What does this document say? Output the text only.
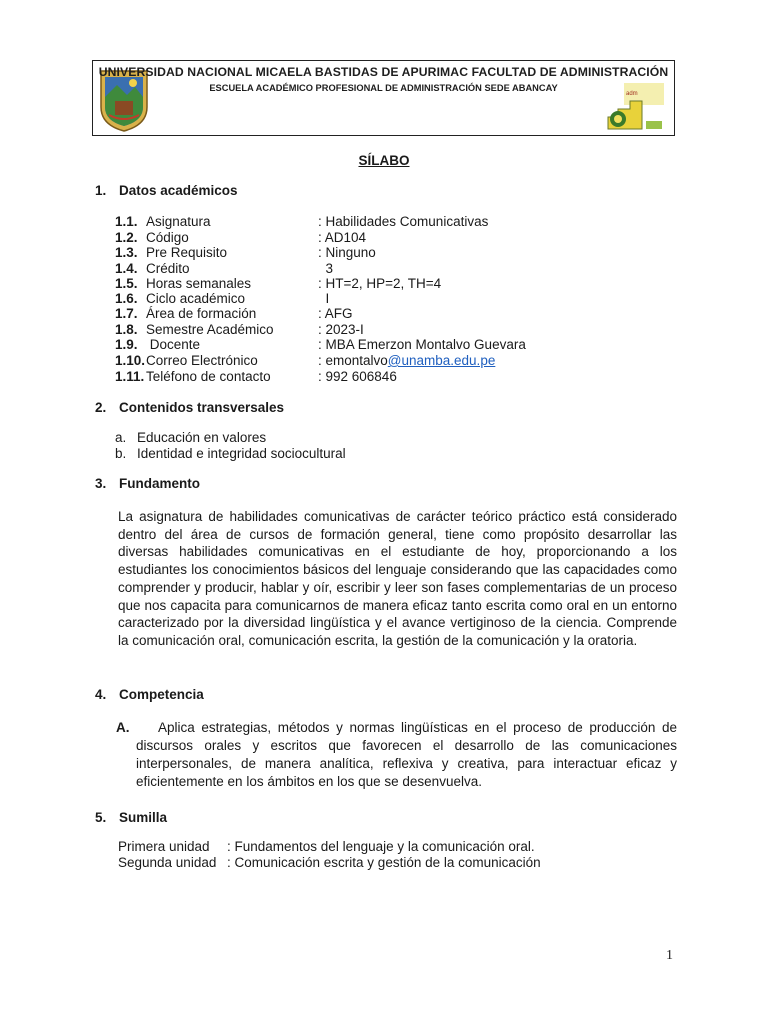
UNIVERSIDAD NACIONAL MICAELA BASTIDAS DE APURIMAC FACULTAD DE ADMINISTRACIÓN
ESCUELA ACADÉMICO PROFESIONAL DE ADMINISTRACIÓN SEDE ABANCAY
adm
SÍLABO
1. Datos académicos
1.1. Asignatura	: Habilidades Comunicativas
1.2. Código	: AD104
1.3. Pre Requisito	: Ninguno
1.4. Crédito	3
1.5. Horas semanales	: HT=2, HP=2, TH=4
1.6. Ciclo académico	I
1.7. Área de formación	: AFG
1.8. Semestre Académico	: 2023-I
1.9. Docente	: MBA Emerzon Montalvo Guevara
1.10. Correo Electrónico	: emontalvo@unamba.edu.pe
1.11. Teléfono de contacto	: 992 606846
2. Contenidos transversales
a. Educación en valores
b. Identidad e integridad sociocultural
3. Fundamento
La asignatura de habilidades comunicativas de carácter teórico práctico está considerado dentro del área de cursos de formación general, tiene como propósito desarrollar las diversas habilidades comunicativas en el estudiante de hoy, proporcionando a los estudiantes los conocimientos básicos del lenguaje considerando que las capacidades como comprender y producir, hablar y oír, escribir y leer son fases complementarias de un proceso que nos capacita para comunicarnos de manera eficaz tanto escrita como oral en un entorno caracterizado por la diversidad lingüística y el avance vertiginoso de la ciencia. Comprende la comunicación oral, comunicación escrita, la gestión de la comunicación y la oratoria.
4. Competencia
A.	Aplica estrategias, métodos y normas lingüísticas en el proceso de producción de discursos orales y escritos que favorecen el desarrollo de las comunicaciones interpersonales, de manera analítica, reflexiva y creativa, para interactuar eficaz y eficientemente en los ámbitos en los que se desenvuelva.
5. Sumilla
Primera unidad : Fundamentos del lenguaje y la comunicación oral.
Segunda unidad : Comunicación escrita y gestión de la comunicación
1
